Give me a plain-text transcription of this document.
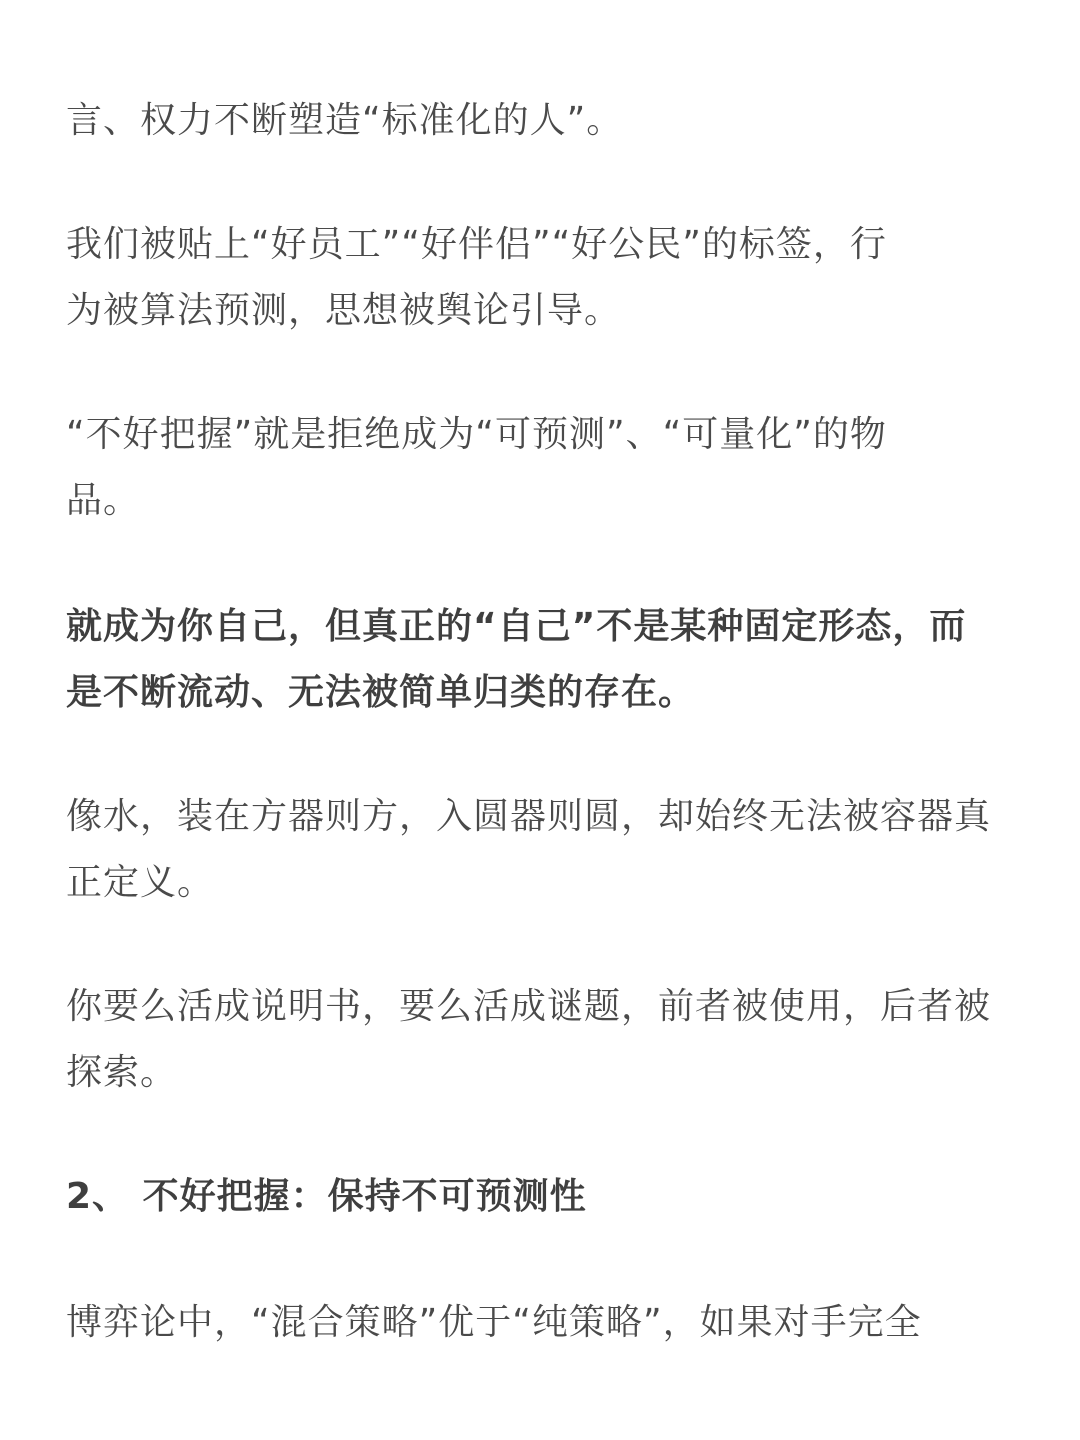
言、权力不断塑造“标准化的人”。
我们被贴上“好员工”“好伴侣”“好公民”的标签，行
为被算法预测，思想被舆论引导。
“不好把握”就是拒绝成为“可预测”、“可量化”的物
品。
就成为你自己，但真正的“自己”不是某种固定形态，而
是不断流动、无法被简单归类的存在。
像水，装在方器则方，入圆器则圆，却始终无法被容器真
正定义。
你要么活成说明书，要么活成谜题，前者被使用，后者被
探索。
2、 不好把握：保持不可预测性
博弈论中，“混合策略”优于“纯策略”，如果对手完全
